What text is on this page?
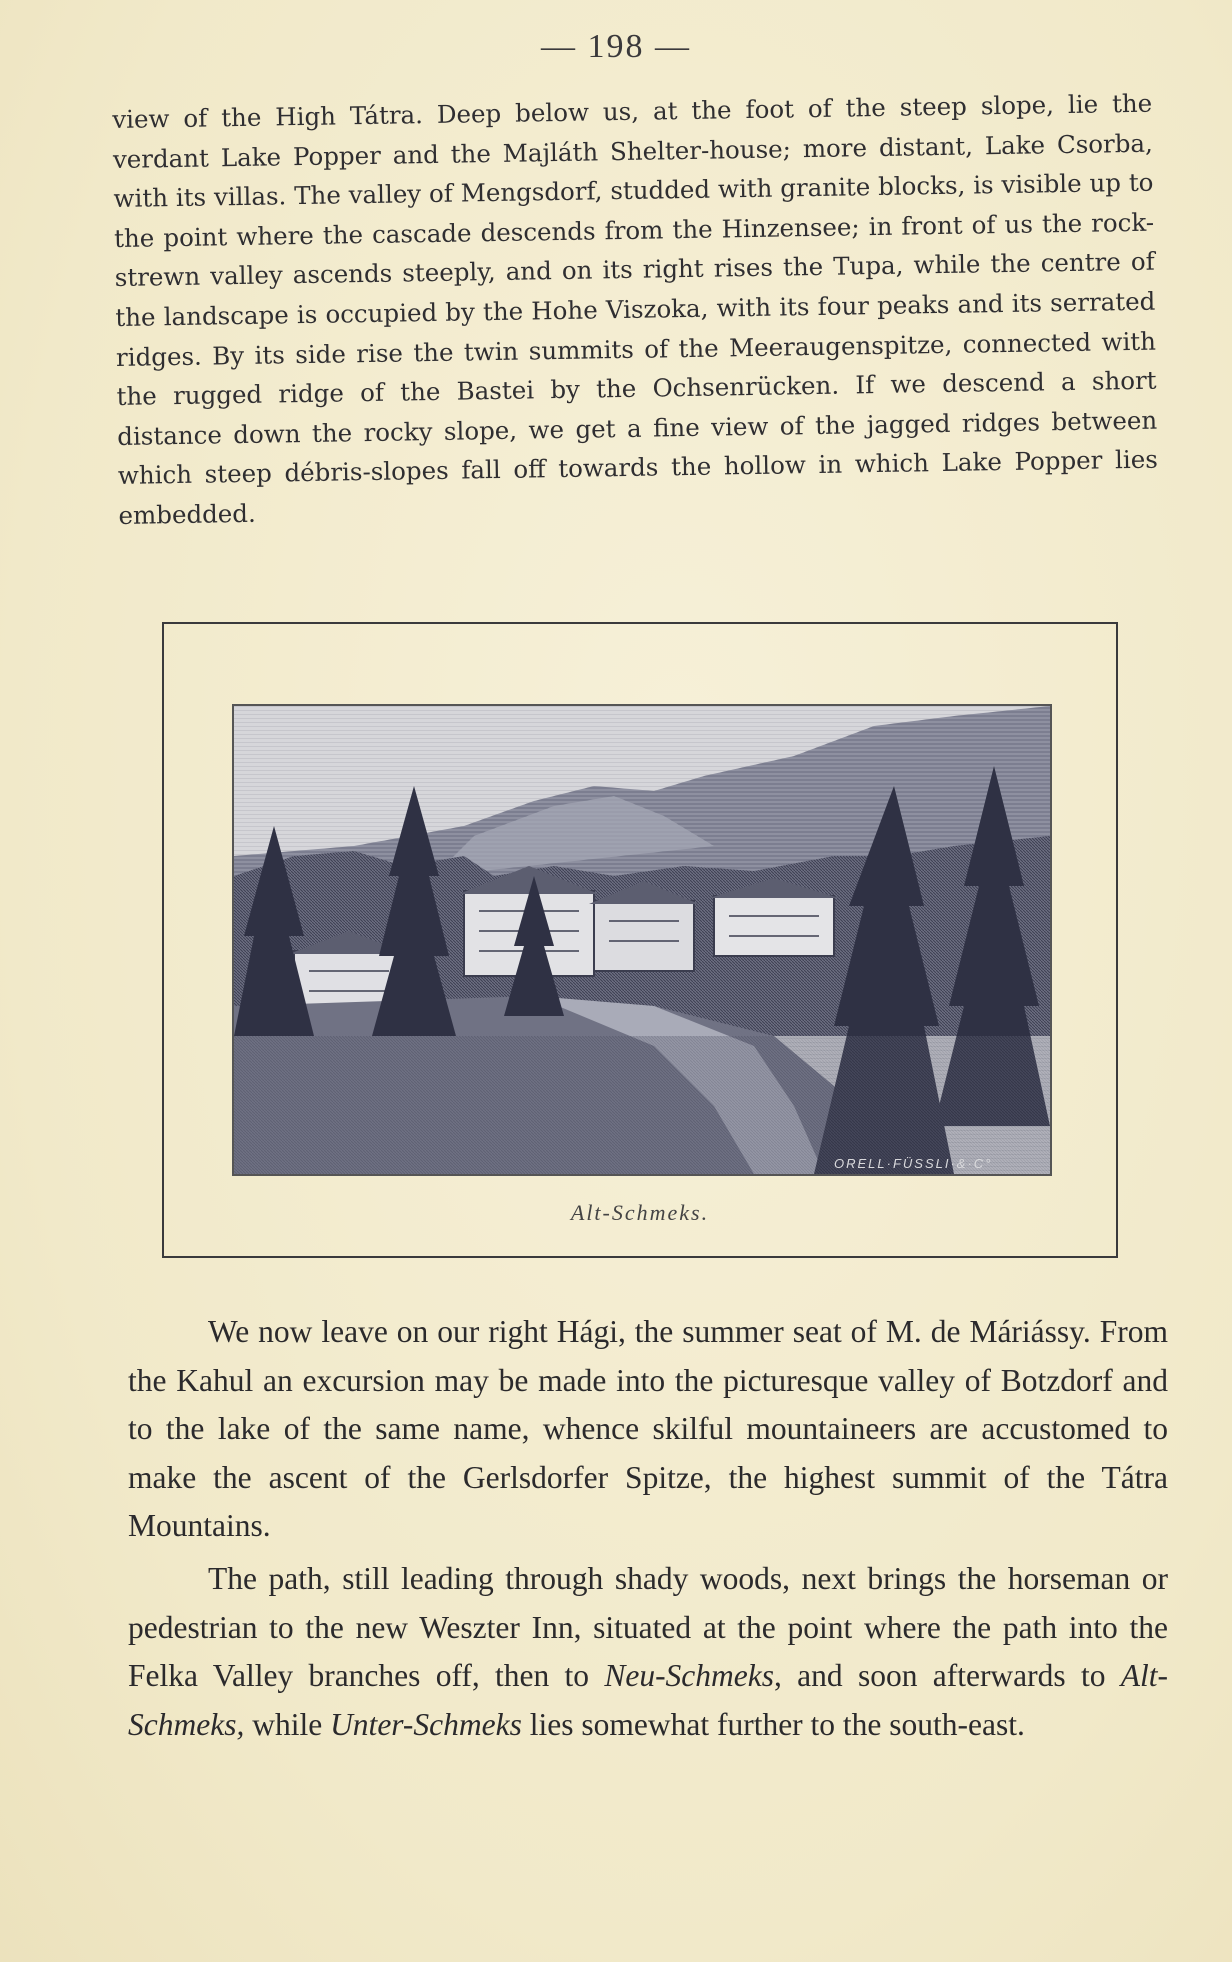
— 198 —
view of the High Tátra. Deep below us, at the foot of the steep slope, lie the verdant Lake Popper and the Majláth Shelter-house; more distant, Lake Csorba, with its villas. The valley of Mengsdorf, studded with granite blocks, is visible up to the point where the cascade descends from the Hinzensee; in front of us the rock-strewn valley ascends steeply, and on its right rises the Tupa, while the centre of the landscape is occupied by the Hohe Viszoka, with its four peaks and its serrated ridges. By its side rise the twin summits of the Meeraugenspitze, connected with the rugged ridge of the Bastei by the Ochsenrücken. If we descend a short distance down the rocky slope, we get a fine view of the jagged ridges between which steep débris-slopes fall off towards the hollow in which Lake Popper lies embedded.
ORELL·FÜSSLI·&·C°
Alt-Schmeks.

We now leave on our right Hági, the summer seat of M. de Máriássy. From the Kahul an excursion may be made into the picturesque valley of Botzdorf and to the lake of the same name, whence skilful mountaineers are accustomed to make the ascent of the Gerlsdorfer Spitze, the highest summit of the Tátra Mountains.

The path, still leading through shady woods, next brings the horseman or pedestrian to the new Weszter Inn, situated at the point where the path into the Felka Valley branches off, then to Neu-Schmeks, and soon afterwards to Alt-Schmeks, while Unter-Schmeks lies somewhat further to the south-east.
